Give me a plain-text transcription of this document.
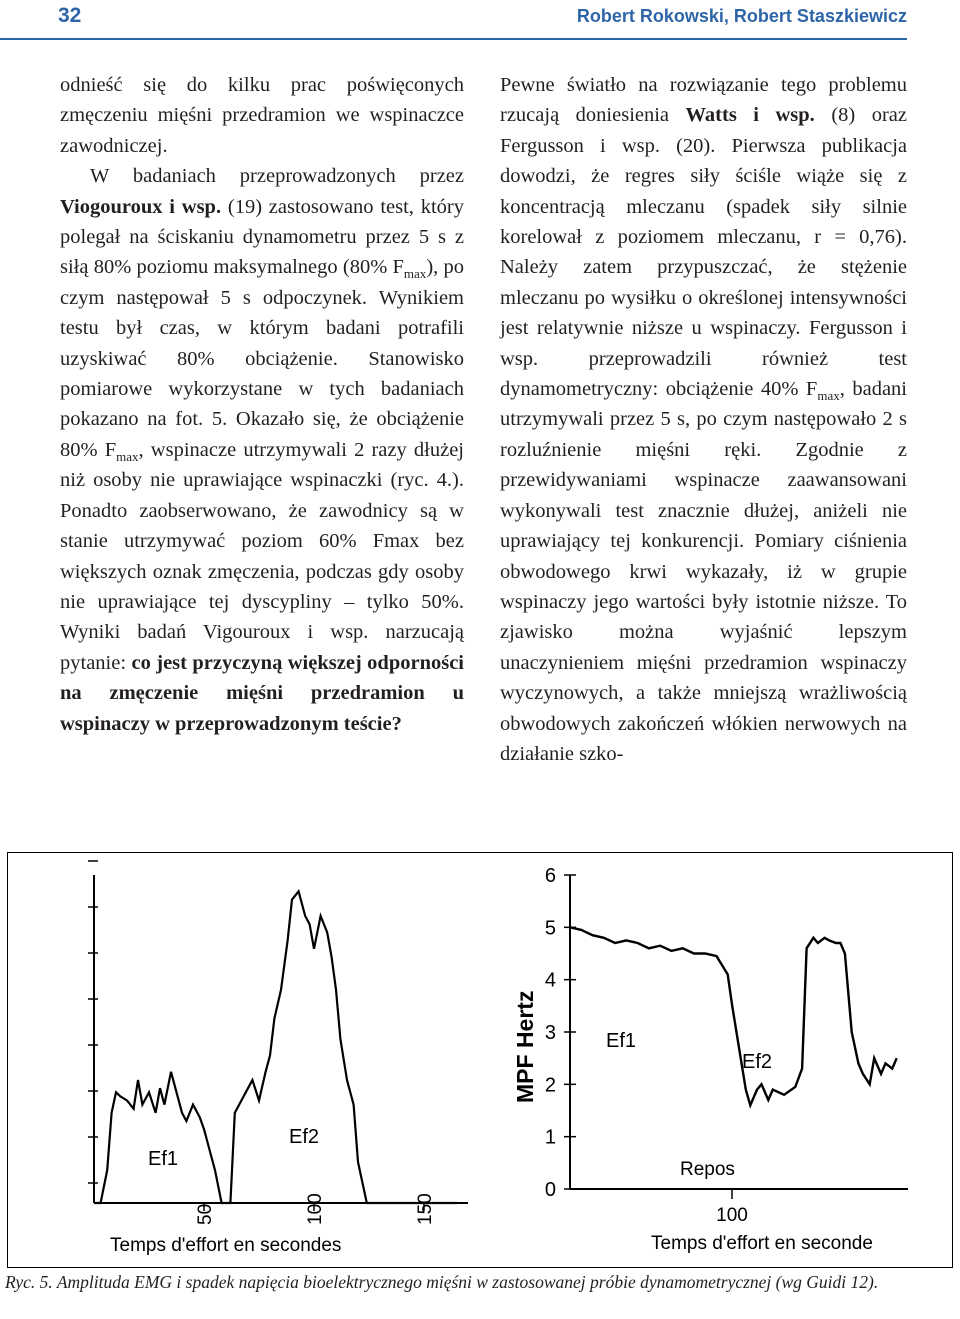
32	Robert Rokowski, Robert Staszkiewicz

odnieść się do kilku prac poświęconych zmęczeniu mięśni przedramion we wspinaczce zawodniczej.

W badaniach przeprowadzonych przez Viogouroux i wsp. (19) zastosowano test, który polegał na ściskaniu dynamometru przez 5 s z siłą 80% poziomu maksymalnego (80% $F_{max}$), po czym następował 5 s odpoczynek. Wynikiem testu był czas, w którym badani potrafili uzyskiwać 80% obciążenie. Stanowisko pomiarowe wykorzystane w tych badaniach pokazano na fot. 5. Okazało się, że obciążenie 80% $F_{max}$, wspinacze utrzymywali 2 razy dłużej niż osoby nie uprawiające wspinaczki (ryc. 4.). Ponadto zaobserwowano, że zawodnicy są w stanie utrzymywać poziom 60% Fmax bez większych oznak zmęczenia, podczas gdy osoby nie uprawiające tej dyscypliny – tylko 50%. Wyniki badań Vigouroux i wsp. narzucają pytanie: co jest przyczyną większej odporności na zmęczenie mięśni przedramion u wspinaczy w przeprowadzonym teście?

Pewne światło na rozwiązanie tego problemu rzucają doniesienia Watts i wsp. (8) oraz Fergusson i wsp. (20). Pierwsza publikacja dowodzi, że regres siły ściśle wiąże się z koncentracją mleczanu (spadek siły silnie korelował z poziomem mleczanu, r = 0,76). Należy zatem przypuszczać, że stężenie mleczanu po wysiłku o określonej intensywności jest relatywnie niższe u wspinaczy. Fergusson i wsp. przeprowadzili również test dynamometryczny: obciążenie 40% $F_{max}$, badani utrzymywali przez 5 s, po czym następowało 2 s rozluźnienie mięśni ręki. Zgodnie z przewidywaniami wspinacze zaawansowani wykonywali test znacznie dłużej, aniżeli nie uprawiający tej konkurencji. Pomiary ciśnienia obwodowego krwi wykazały, iż w grupie wspinaczy jego wartości były istotnie niższe. To zjawisko można wyjaśnić lepszym unaczynieniem mięśni przedramion wspinaczy wyczynowych, a także mniejszą wrażliwością obwodowych zakończeń włókien nerwowych na działanie szko-

50	100	150
Ef1
Ef2
Temps d'effort en secondes
0
1
2
3
4
5
6
100
MPF Hertz	Ef1
Ef2
Repos
Temps d'effort en seconde
Ryc. 5. Amplituda EMG i spadek napięcia bioelektrycznego mięśni w zastosowanej próbie dynamometrycznej (wg Guidi 12).
